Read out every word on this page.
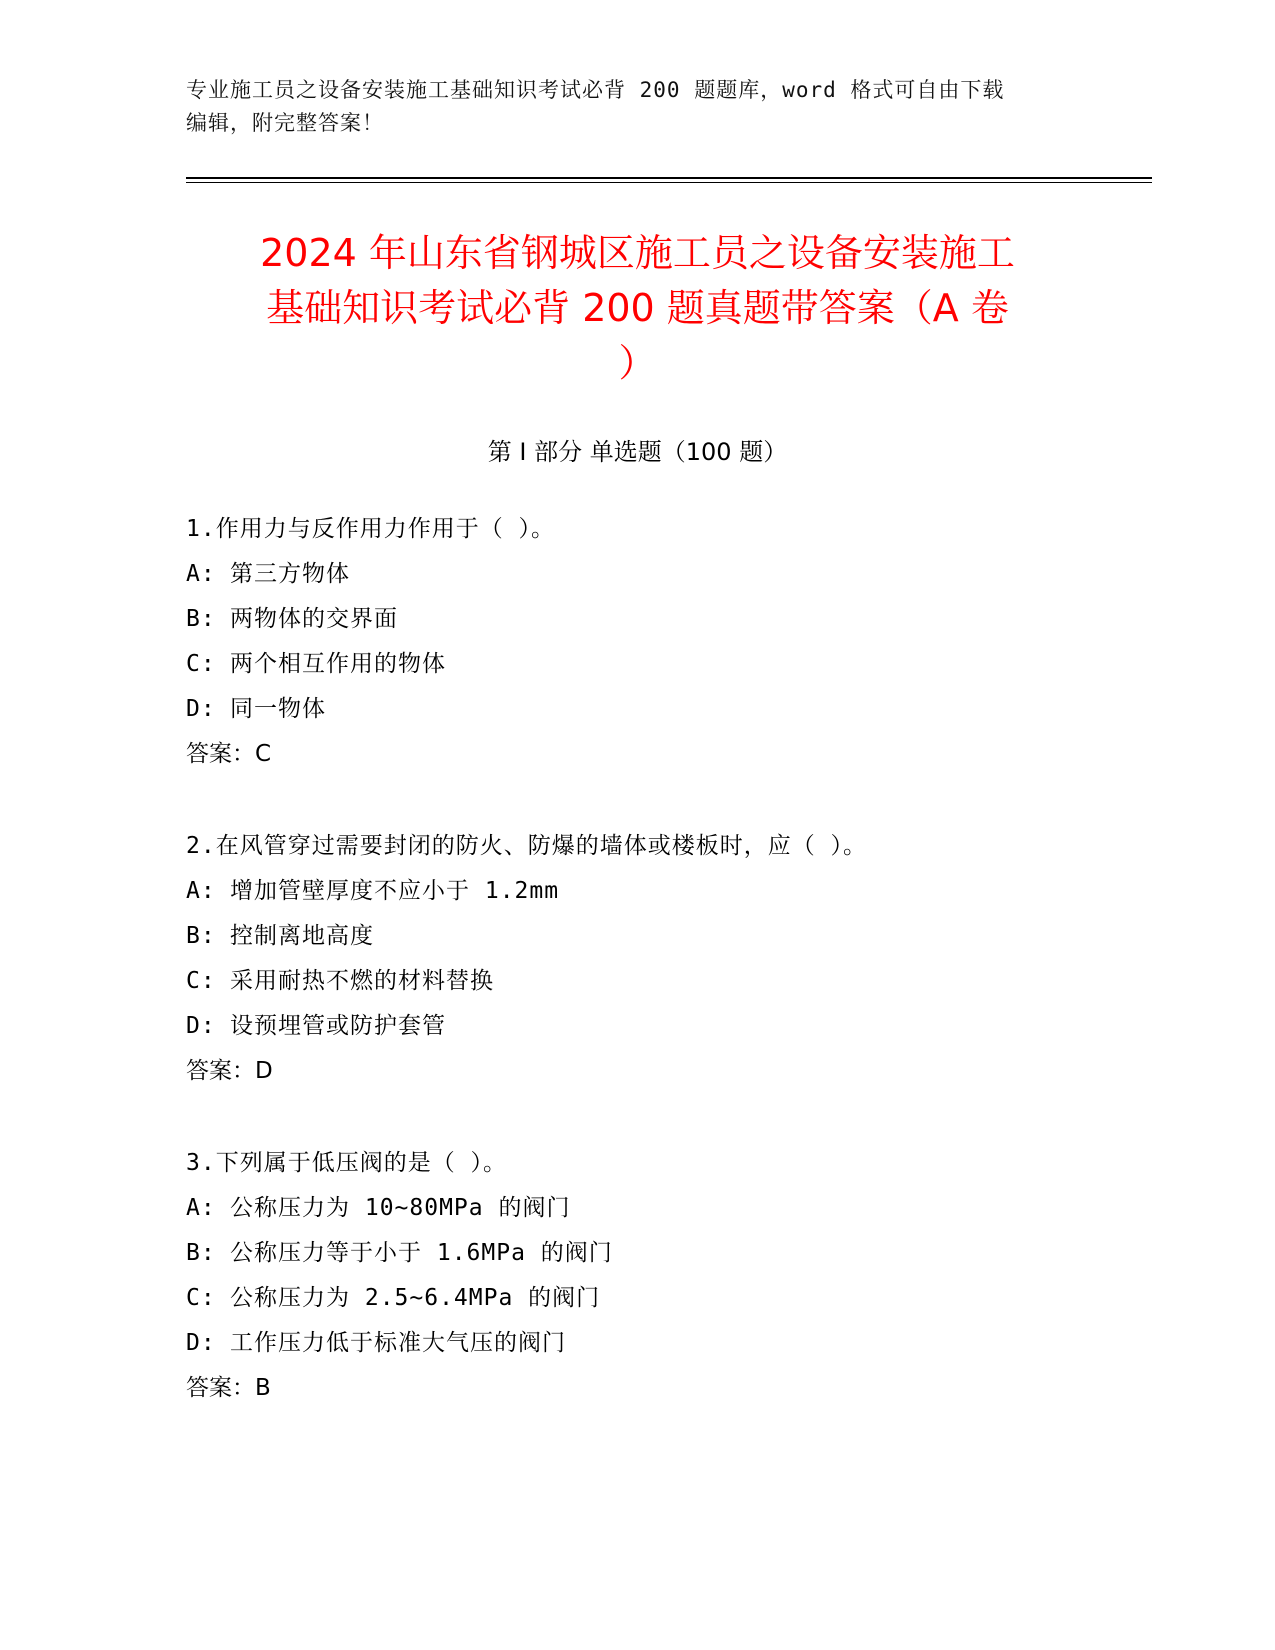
专业施工员之设备安装施工基础知识考试必背 200 题题库，word 格式可自由下载
编辑，附完整答案！
2024 年山东省钢城区施工员之设备安装施工
基础知识考试必背 200 题真题带答案（A 卷
）
第 I 部分 单选题（100 题）
1.作用力与反作用力作用于（ ）。
A: 第三方物体
B: 两物体的交界面
C: 两个相互作用的物体
D: 同一物体
答案：C
2.在风管穿过需要封闭的防火、防爆的墙体或楼板时，应（ ）。
A: 增加管壁厚度不应小于 1.2mm
B: 控制离地高度
C: 采用耐热不燃的材料替换
D: 设预埋管或防护套管
答案：D
3.下列属于低压阀的是（ ）。
A: 公称压力为 10~80MPa 的阀门
B: 公称压力等于小于 1.6MPa 的阀门
C: 公称压力为 2.5~6.4MPa 的阀门
D: 工作压力低于标准大气压的阀门
答案：B
